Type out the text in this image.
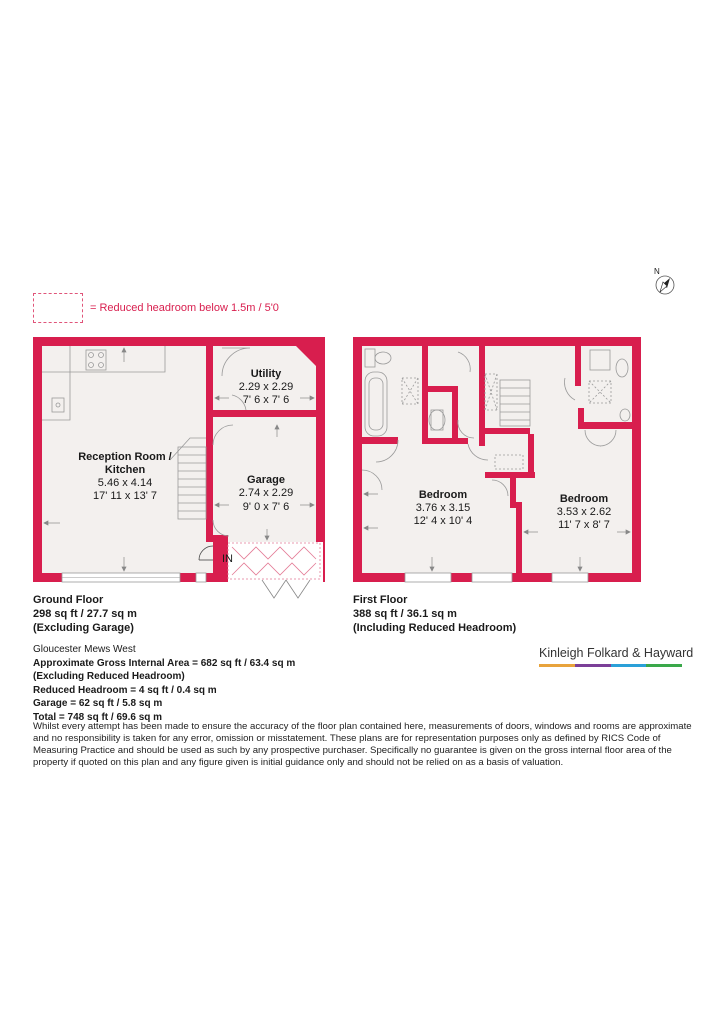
Reception Room /
Kitchen
5.46 x 4.14
17' 11 x 13' 7
Utility
2.29 x 2.29
7' 6 x 7' 6
Garage
2.74 x 2.29
9' 0 x 7' 6
IN
Bedroom
3.76 x 3.15
12' 4 x 10' 4
Bedroom
3.53 x 2.62
11' 7 x 8' 7
N
= Reduced headroom below 1.5m / 5'0
Ground Floor
298 sq ft / 27.7 sq m
(Excluding Garage)
First Floor
388 sq ft / 36.1 sq m
(Including Reduced Headroom)
Gloucester Mews West
Approximate Gross Internal Area = 682 sq ft / 63.4 sq m
(Excluding Reduced Headroom)
Reduced Headroom = 4 sq ft / 0.4 sq m
Garage = 62 sq ft / 5.8 sq m
Total = 748 sq ft / 69.6 sq m
Whilst every attempt has been made to ensure the accuracy of the floor plan contained here, measurements of doors, windows and rooms are approximate and no responsibility is taken for any error, omission or misstatement. These plans are for representation purposes only as defined by RICS Code of Measuring Practice and should be used as such by any prospective purchaser. Specifically no guarantee is given on the gross internal floor area of the property if quoted on this plan and any figure given is initial guidance only and should not be relied on as a basis of valuation.
Kinleigh Folkard & Hayward
